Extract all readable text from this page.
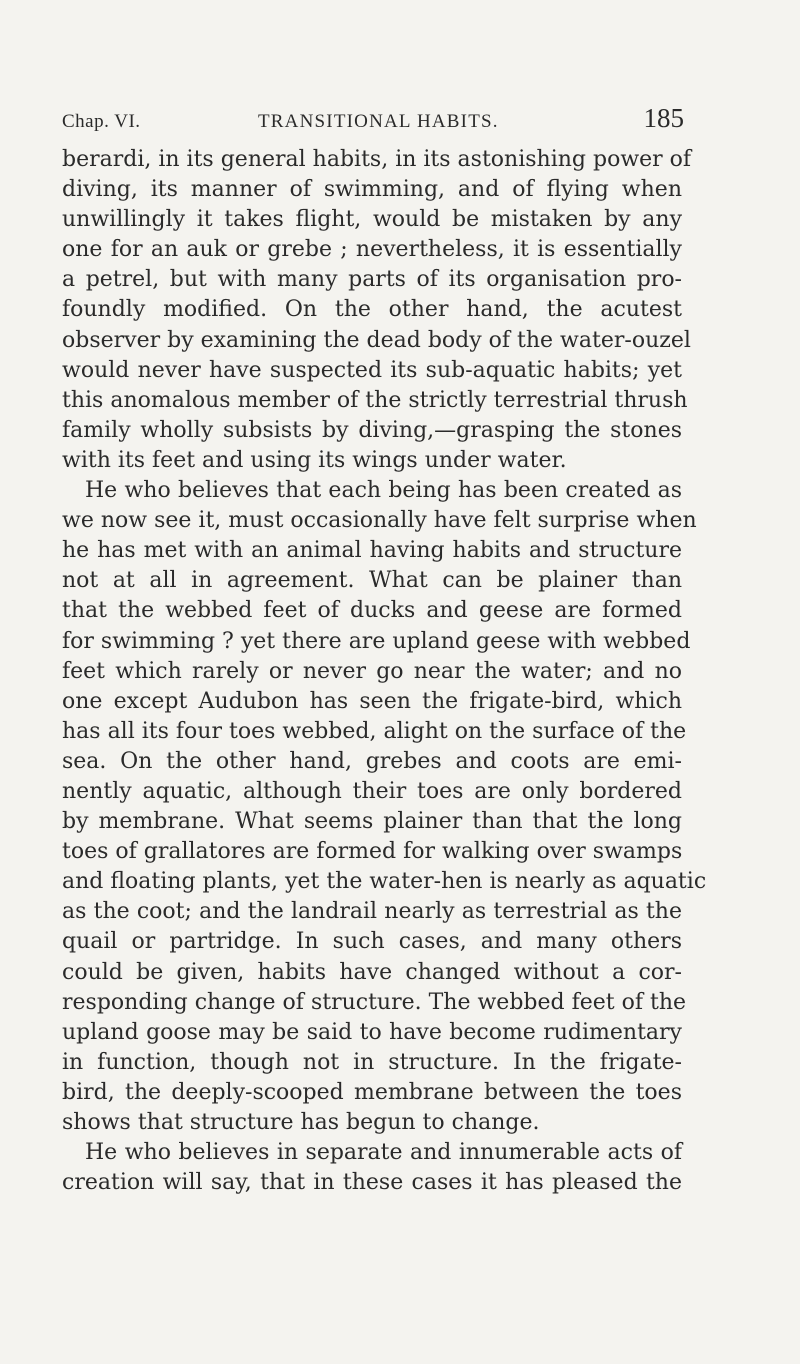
Chap. VI.	TRANSITIONAL HABITS.	185
berardi, in its general habits, in its astonishing power of
diving, its manner of swimming, and of flying when
unwillingly it takes flight, would be mistaken by any
one for an auk or grebe ; nevertheless, it is essentially
a petrel, but with many parts of its organisation pro-
foundly modified. On the other hand, the acutest
observer by examining the dead body of the water-ouzel
would never have suspected its sub-aquatic habits; yet
this anomalous member of the strictly terrestrial thrush
family wholly subsists by diving,—grasping the stones
with its feet and using its wings under water.
He who believes that each being has been created as
we now see it, must occasionally have felt surprise when
he has met with an animal having habits and structure
not at all in agreement. What can be plainer than
that the webbed feet of ducks and geese are formed
for swimming ? yet there are upland geese with webbed
feet which rarely or never go near the water; and no
one except Audubon has seen the frigate-bird, which
has all its four toes webbed, alight on the surface of the
sea. On the other hand, grebes and coots are emi-
nently aquatic, although their toes are only bordered
by membrane. What seems plainer than that the long
toes of grallatores are formed for walking over swamps
and floating plants, yet the water-hen is nearly as aquatic
as the coot; and the landrail nearly as terrestrial as the
quail or partridge. In such cases, and many others
could be given, habits have changed without a cor-
responding change of structure. The webbed feet of the
upland goose may be said to have become rudimentary
in function, though not in structure. In the frigate-
bird, the deeply-scooped membrane between the toes
shows that structure has begun to change.
He who believes in separate and innumerable acts of
creation will say, that in these cases it has pleased the
